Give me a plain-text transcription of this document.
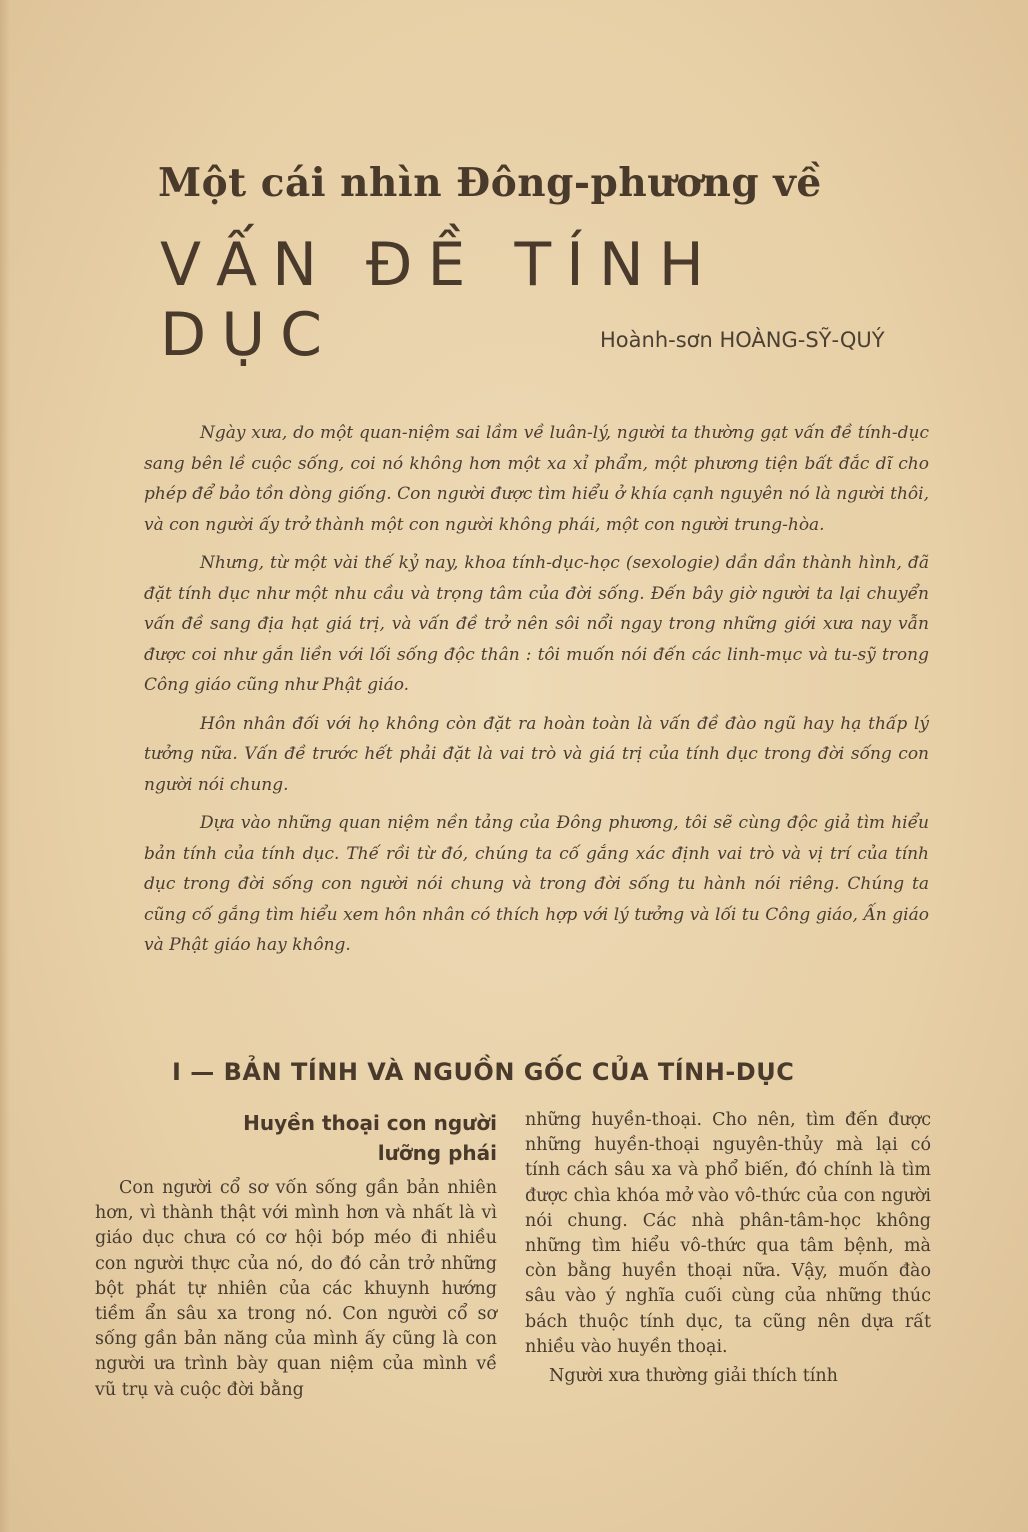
Một cái nhìn Đông-phương về
VẤN ĐỀ TÍNH DỤC	Hoành-sơn HOÀNG-SỸ-QUÝ

Ngày xưa, do một quan-niệm sai lầm về luân-lý, người ta thường gạt vấn đề tính-dục sang bên lề cuộc sống, coi nó không hơn một xa xỉ phẩm, một phương tiện bất đắc dĩ cho phép để bảo tồn dòng giống. Con người được tìm hiểu ở khía cạnh nguyên nó là người thôi, và con người ấy trở thành một con người không phái, một con người trung-hòa.

Nhưng, từ một vài thế kỷ nay, khoa tính-dục-học (sexologie) dần dần thành hình, đã đặt tính dục như một nhu cầu và trọng tâm của đời sống. Đến bây giờ người ta lại chuyển vấn đề sang địa hạt giá trị, và vấn đề trở nên sôi nổi ngay trong những giới xưa nay vẫn được coi như gắn liền với lối sống độc thân : tôi muốn nói đến các linh-mục và tu-sỹ trong Công giáo cũng như Phật giáo.

Hôn nhân đối với họ không còn đặt ra hoàn toàn là vấn đề đào ngũ hay hạ thấp lý tưởng nữa. Vấn đề trước hết phải đặt là vai trò và giá trị của tính dục trong đời sống con người nói chung.

Dựa vào những quan niệm nền tảng của Đông phương, tôi sẽ cùng độc giả tìm hiểu bản tính của tính dục. Thế rồi từ đó, chúng ta cố gắng xác định vai trò và vị trí của tính dục trong đời sống con người nói chung và trong đời sống tu hành nói riêng. Chúng ta cũng cố gắng tìm hiểu xem hôn nhân có thích hợp với lý tưởng và lối tu Công giáo, Ấn giáo và Phật giáo hay không.

I — BẢN TÍNH VÀ NGUỒN GỐC CỦA TÍNH-DỤC
Huyền thoại con người
lưỡng phái

Con người cổ sơ vốn sống gần bản nhiên hơn, vì thành thật với mình hơn và nhất là vì giáo dục chưa có cơ hội bóp méo đi nhiều con người thực của nó, do đó cản trở những bột phát tự nhiên của các khuynh hướng tiềm ẩn sâu xa trong nó. Con người cổ sơ sống gần bản năng của mình ấy cũng là con người ưa trình bày quan niệm của mình về vũ trụ và cuộc đời bằng

những huyền-thoại. Cho nên, tìm đến được những huyền-thoại nguyên-thủy mà lại có tính cách sâu xa và phổ biến, đó chính là tìm được chìa khóa mở vào vô-thức của con người nói chung. Các nhà phân-tâm-học không những tìm hiểu vô-thức qua tâm bệnh, mà còn bằng huyền thoại nữa. Vậy, muốn đào sâu vào ý nghĩa cuối cùng của những thúc bách thuộc tính dục, ta cũng nên dựa rất nhiều vào huyền thoại.

Người xưa thường giải thích tính
